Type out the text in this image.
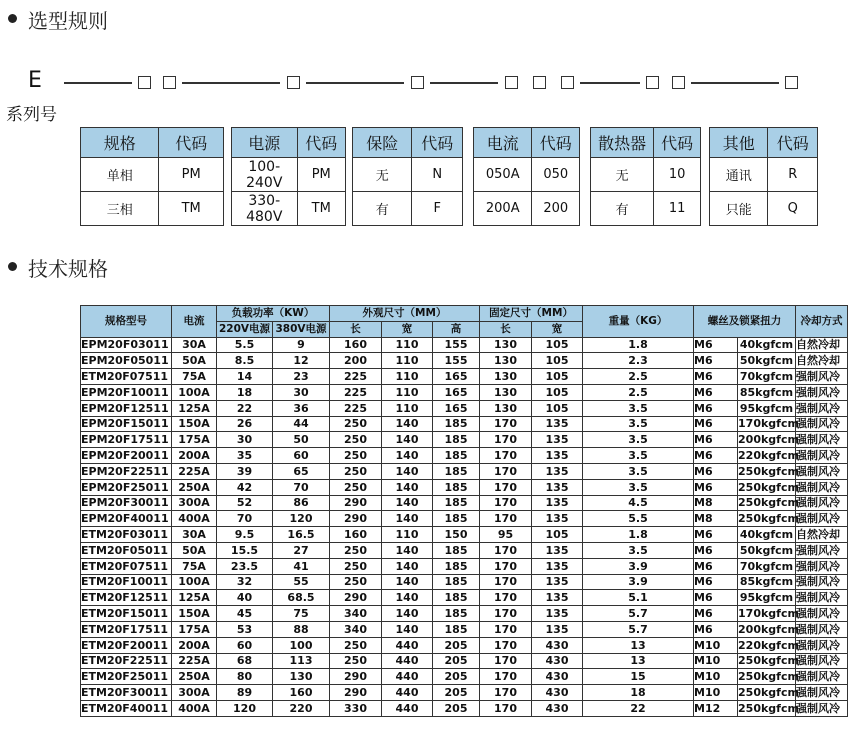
选型规则
E
系列号
规格	代码
单相	PM
三相	TM
电源	代码
100-240V	PM
330-480V	TM
保险	代码
无	N
有	F
电流	代码
050A	050
200A	200
散热器	代码
无	10
有	11
其他	代码
通讯	R
只能	Q
技术规格
规格型号	电流	负载功率（KW）		外观尺寸（MM）			固定尺寸（MM）		重量（KG）	螺丝及锁紧扭力		冷却方式
		220V电源	380V电源	长	宽	高	长	宽				
EPM20F03011	30A	5.5	9	160	110	155	130	105	1.8	M6	40kgfcm	自然冷却
EPM20F05011	50A	8.5	12	200	110	155	130	105	2.3	M6	50kgfcm	自然冷却
ETM20F07511	75A	14	23	225	110	165	130	105	2.5	M6	70kgfcm	强制风冷
EPM20F10011	100A	18	30	225	110	165	130	105	2.5	M6	85kgfcm	强制风冷
EPM20F12511	125A	22	36	225	110	165	130	105	3.5	M6	95kgfcm	强制风冷
EPM20F15011	150A	26	44	250	140	185	170	135	3.5	M6	170kgfcm	强制风冷
EPM20F17511	175A	30	50	250	140	185	170	135	3.5	M6	200kgfcm	强制风冷
EPM20F20011	200A	35	60	250	140	185	170	135	3.5	M6	220kgfcm	强制风冷
EPM20F22511	225A	39	65	250	140	185	170	135	3.5	M6	250kgfcm	强制风冷
EPM20F25011	250A	42	70	250	140	185	170	135	3.5	M6	250kgfcm	强制风冷
EPM20F30011	300A	52	86	290	140	185	170	135	4.5	M8	250kgfcm	强制风冷
EPM20F40011	400A	70	120	290	140	185	170	135	5.5	M8	250kgfcm	强制风冷
ETM20F03011	30A	9.5	16.5	160	110	150	95	105	1.8	M6	40kgfcm	自然冷却
ETM20F05011	50A	15.5	27	250	140	185	170	135	3.5	M6	50kgfcm	强制风冷
ETM20F07511	75A	23.5	41	250	140	185	170	135	3.9	M6	70kgfcm	强制风冷
ETM20F10011	100A	32	55	250	140	185	170	135	3.9	M6	85kgfcm	强制风冷
ETM20F12511	125A	40	68.5	290	140	185	170	135	5.1	M6	95kgfcm	强制风冷
ETM20F15011	150A	45	75	340	140	185	170	135	5.7	M6	170kgfcm	强制风冷
ETM20F17511	175A	53	88	340	140	185	170	135	5.7	M6	200kgfcm	强制风冷
ETM20F20011	200A	60	100	250	440	205	170	430	13	M10	220kgfcm	强制风冷
ETM20F22511	225A	68	113	250	440	205	170	430	13	M10	250kgfcm	强制风冷
ETM20F25011	250A	80	130	290	440	205	170	430	15	M10	250kgfcm	强制风冷
ETM20F30011	300A	89	160	290	440	205	170	430	18	M10	250kgfcm	强制风冷
ETM20F40011	400A	120	220	330	440	205	170	430	22	M12	250kgfcm	强制风冷
